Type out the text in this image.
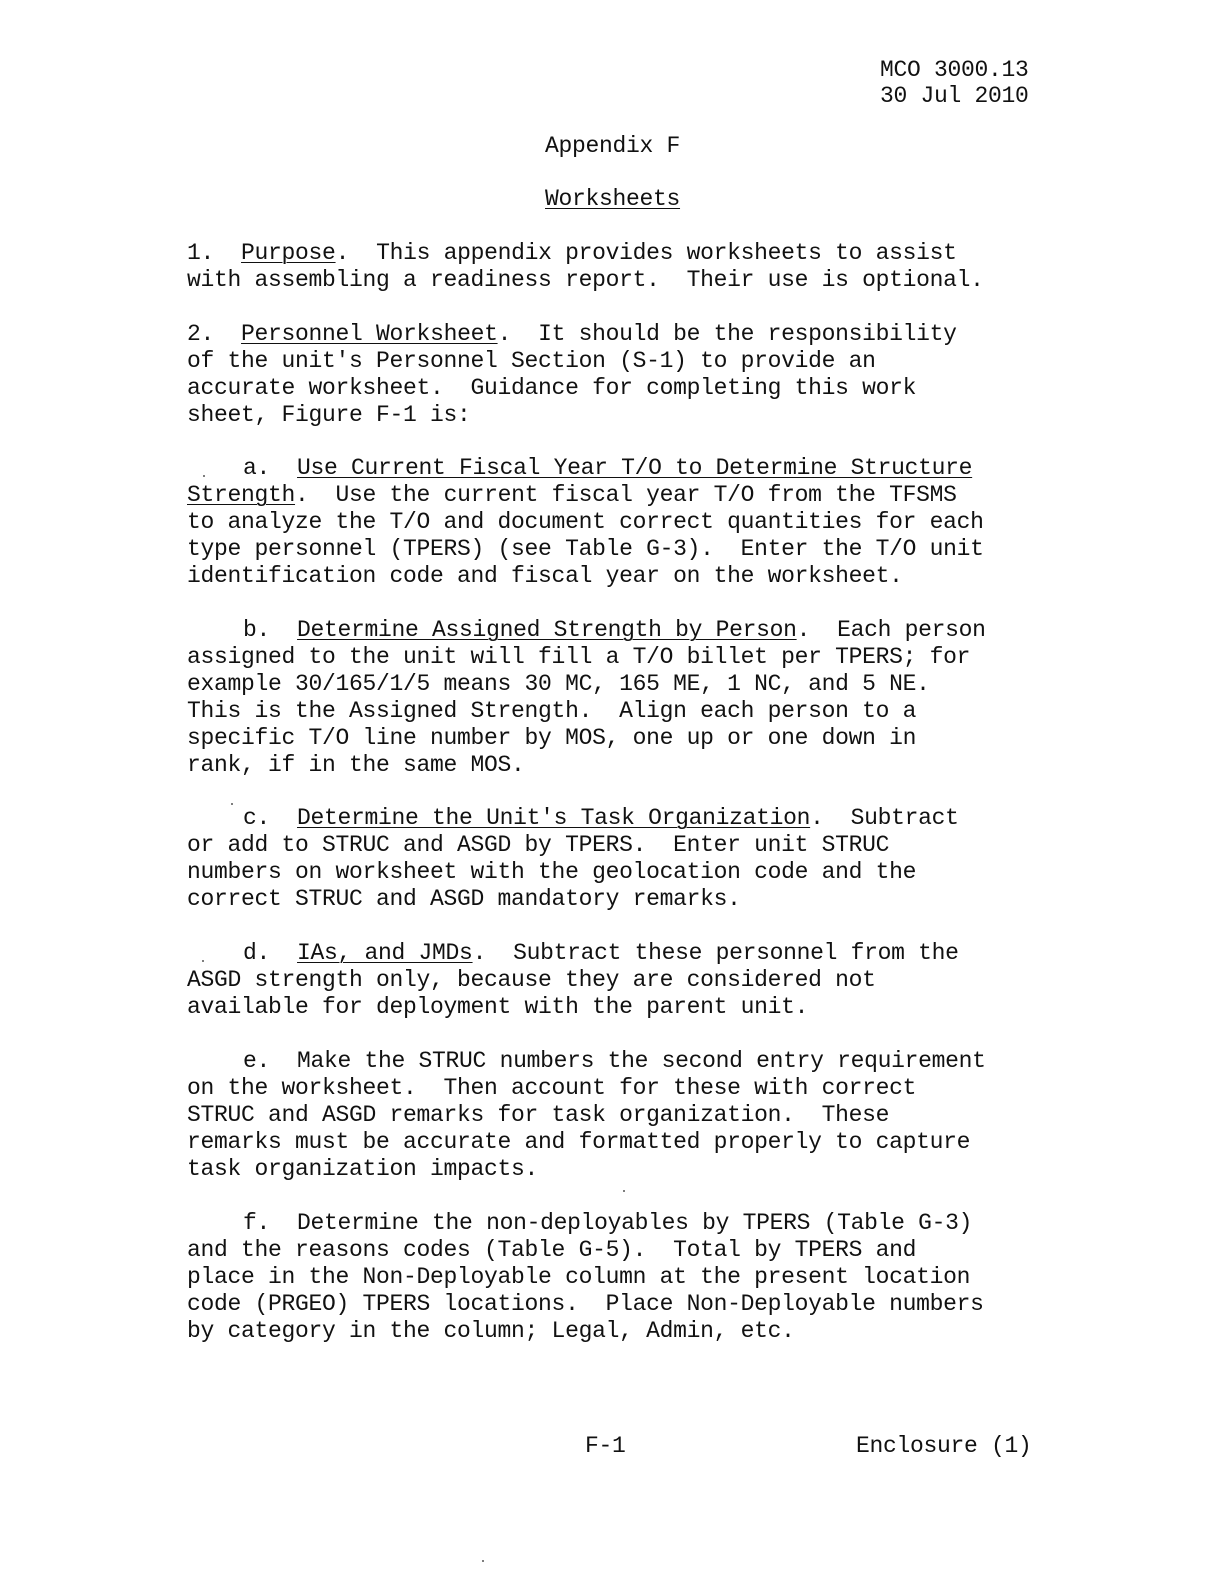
MCO 3000.13
30 Jul 2010
Appendix F
Worksheets
1. Purpose.  This appendix provides worksheets to assist
with assembling a readiness report.  Their use is optional.
2. Personnel Worksheet.  It should be the responsibility
of the unit's Personnel Section (S-1) to provide an
accurate worksheet.  Guidance for completing this work
sheet, Figure F-1 is:
a. Use Current Fiscal Year T/O to Determine Structure
Strength.  Use the current fiscal year T/O from the TFSMS
to analyze the T/O and document correct quantities for each
type personnel (TPERS) (see Table G-3).  Enter the T/O unit
identification code and fiscal year on the worksheet.
b. Determine Assigned Strength by Person.  Each person
assigned to the unit will fill a T/O billet per TPERS; for
example 30/165/1/5 means 30 MC, 165 ME, 1 NC, and 5 NE.
This is the Assigned Strength.  Align each person to a
specific T/O line number by MOS, one up or one down in
rank, if in the same MOS.
c. Determine the Unit's Task Organization.  Subtract
or add to STRUC and ASGD by TPERS.  Enter unit STRUC
numbers on worksheet with the geolocation code and the
correct STRUC and ASGD mandatory remarks.
d. IAs, and JMDs.  Subtract these personnel from the
ASGD strength only, because they are considered not
available for deployment with the parent unit.
e. Make the STRUC numbers the second entry requirement
on the worksheet.  Then account for these with correct
STRUC and ASGD remarks for task organization.  These
remarks must be accurate and formatted properly to capture
task organization impacts.
f. Determine the non-deployables by TPERS (Table G-3)
and the reasons codes (Table G-5).  Total by TPERS and
place in the Non-Deployable column at the present location
code (PRGEO) TPERS locations.  Place Non-Deployable numbers
by category in the column; Legal, Admin, etc.
F-1	Enclosure (1)
